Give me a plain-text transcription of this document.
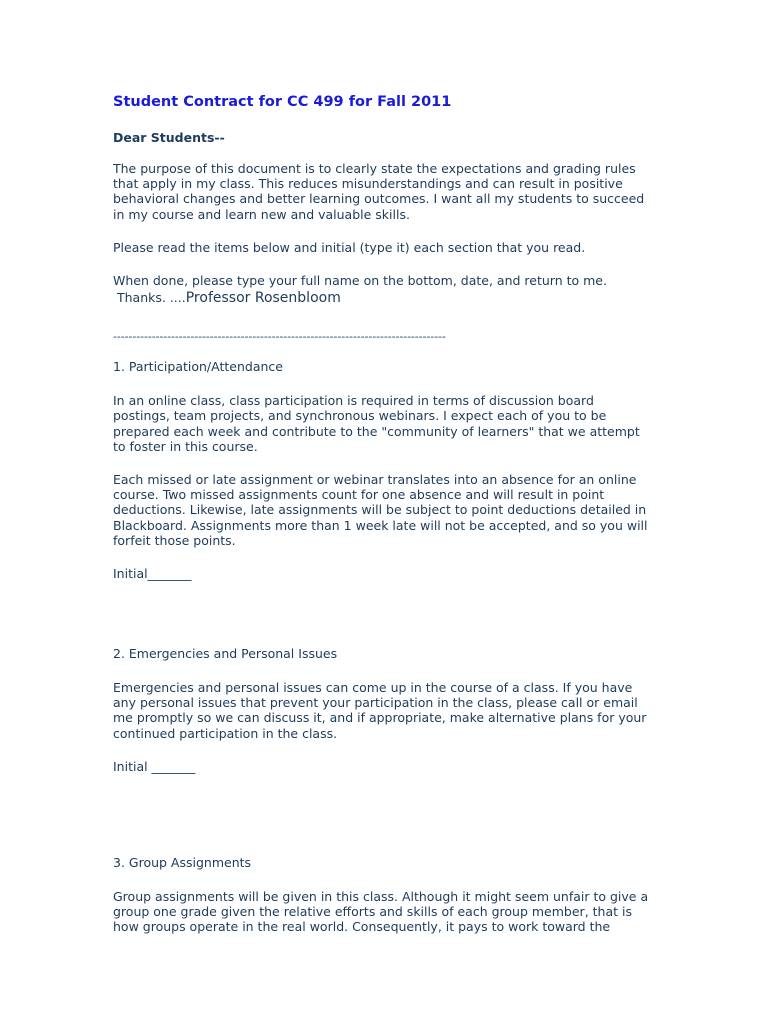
Student Contract for CC 499 for Fall 2011
Dear Students--

The purpose of this document is to clearly state the expectations and grading rules
that apply in my class. This reduces misunderstandings and can result in positive
behavioral changes and better learning outcomes. I want all my students to succeed
in my course and learn new and valuable skills.

Please read the items below and initial (type it) each section that you read.

When done, please type your full name on the bottom, date, and return to me.

Thanks. ....Professor Rosenbloom
--------------------------------------------------------------------------------------
1. Participation/Attendance

In an online class, class participation is required in terms of discussion board
postings, team projects, and synchronous webinars. I expect each of you to be
prepared each week and contribute to the "community of learners" that we attempt
to foster in this course.

Each missed or late assignment or webinar translates into an absence for an online
course. Two missed assignments count for one absence and will result in point
deductions. Likewise, late assignments will be subject to point deductions detailed in
Blackboard. Assignments more than 1 week late will not be accepted, and so you will
forfeit those points.

Initial_______
2. Emergencies and Personal Issues

Emergencies and personal issues can come up in the course of a class. If you have
any personal issues that prevent your participation in the class, please call or email
me promptly so we can discuss it, and if appropriate, make alternative plans for your
continued participation in the class.

Initial _______
3. Group Assignments

Group assignments will be given in this class. Although it might seem unfair to give a
group one grade given the relative efforts and skills of each group member, that is
how groups operate in the real world. Consequently, it pays to work toward the
